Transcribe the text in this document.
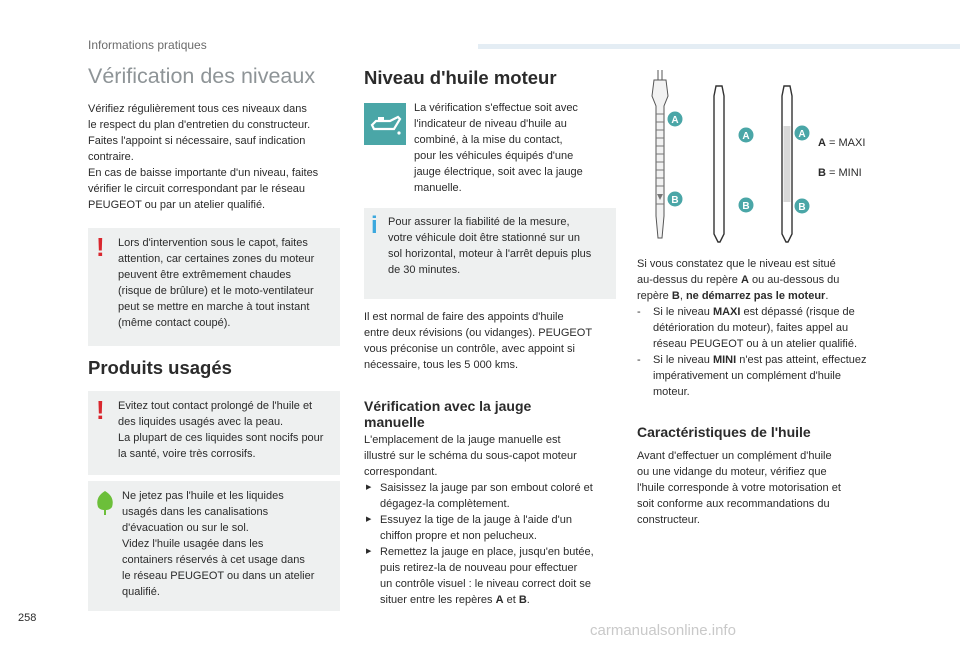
Informations pratiques
Vérification des niveaux

Vérifiez régulièrement tous ces niveaux dans

le respect du plan d'entretien du constructeur.

Faites l'appoint si nécessaire, sauf indication

contraire.

En cas de baisse importante d'un niveau, faites

vérifier le circuit correspondant par le réseau

PEUGEOT ou par un atelier qualifié.

! Lors d'intervention sous le capot, faites

attention, car certaines zones du moteur

peuvent être extrêmement chaudes

(risque de brûlure) et le moto-ventilateur

peut se mettre en marche à tout instant

(même contact coupé).

Produits usagés
! Evitez tout contact prolongé de l'huile et

des liquides usagés avec la peau.

La plupart de ces liquides sont nocifs pour

la santé, voire très corrosifs.

Ne jetez pas l'huile et les liquides

usagés dans les canalisations

d'évacuation ou sur le sol.

Videz l'huile usagée dans les

containers réservés à cet usage dans

le réseau PEUGEOT ou dans un atelier

qualifié.

Niveau d'huile moteur

La vérification s'effectue soit avec

l'indicateur de niveau d'huile au

combiné, à la mise du contact,

pour les véhicules équipés d'une

jauge électrique, soit avec la jauge

manuelle.

i Pour assurer la fiabilité de la mesure,

votre véhicule doit être stationné sur un

sol horizontal, moteur à l'arrêt depuis plus

de 30 minutes.

Il est normal de faire des appoints d'huile

entre deux révisions (ou vidanges). PEUGEOT

vous préconise un contrôle, avec appoint si

nécessaire, tous les 5 000 kms.

Vérification avec la jauge

manuelle

L'emplacement de la jauge manuelle est

illustré sur le schéma du sous-capot moteur

correspondant.

▶ Saisissez la jauge par son embout coloré et
dégagez-la complètement.
▶ Essuyez la tige de la jauge à l'aide d'un
chiffon propre et non pelucheux.
▶ Remettez la jauge en place, jusqu'en butée,
puis retirez-la de nouveau pour effectuer
un contrôle visuel : le niveau correct doit se
situer entre les repères A et B.
A
A	A
B
B	B
A = MAXI
B = MINI

Si vous constatez que le niveau est situé

au-dessus du repère A ou au-dessous du

repère B, ne démarrez pas le moteur.

- Si le niveau MAXI est dépassé (risque de
détérioration du moteur), faites appel au
réseau PEUGEOT ou à un atelier qualifié.
- Si le niveau MINI n'est pas atteint, effectuez
impérativement un complément d'huile
moteur.

Caractéristiques de l'huile

Avant d'effectuer un complément d'huile

ou une vidange du moteur, vérifiez que

l'huile corresponde à votre motorisation et

soit conforme aux recommandations du

constructeur.

258
carmanualsonline.info
